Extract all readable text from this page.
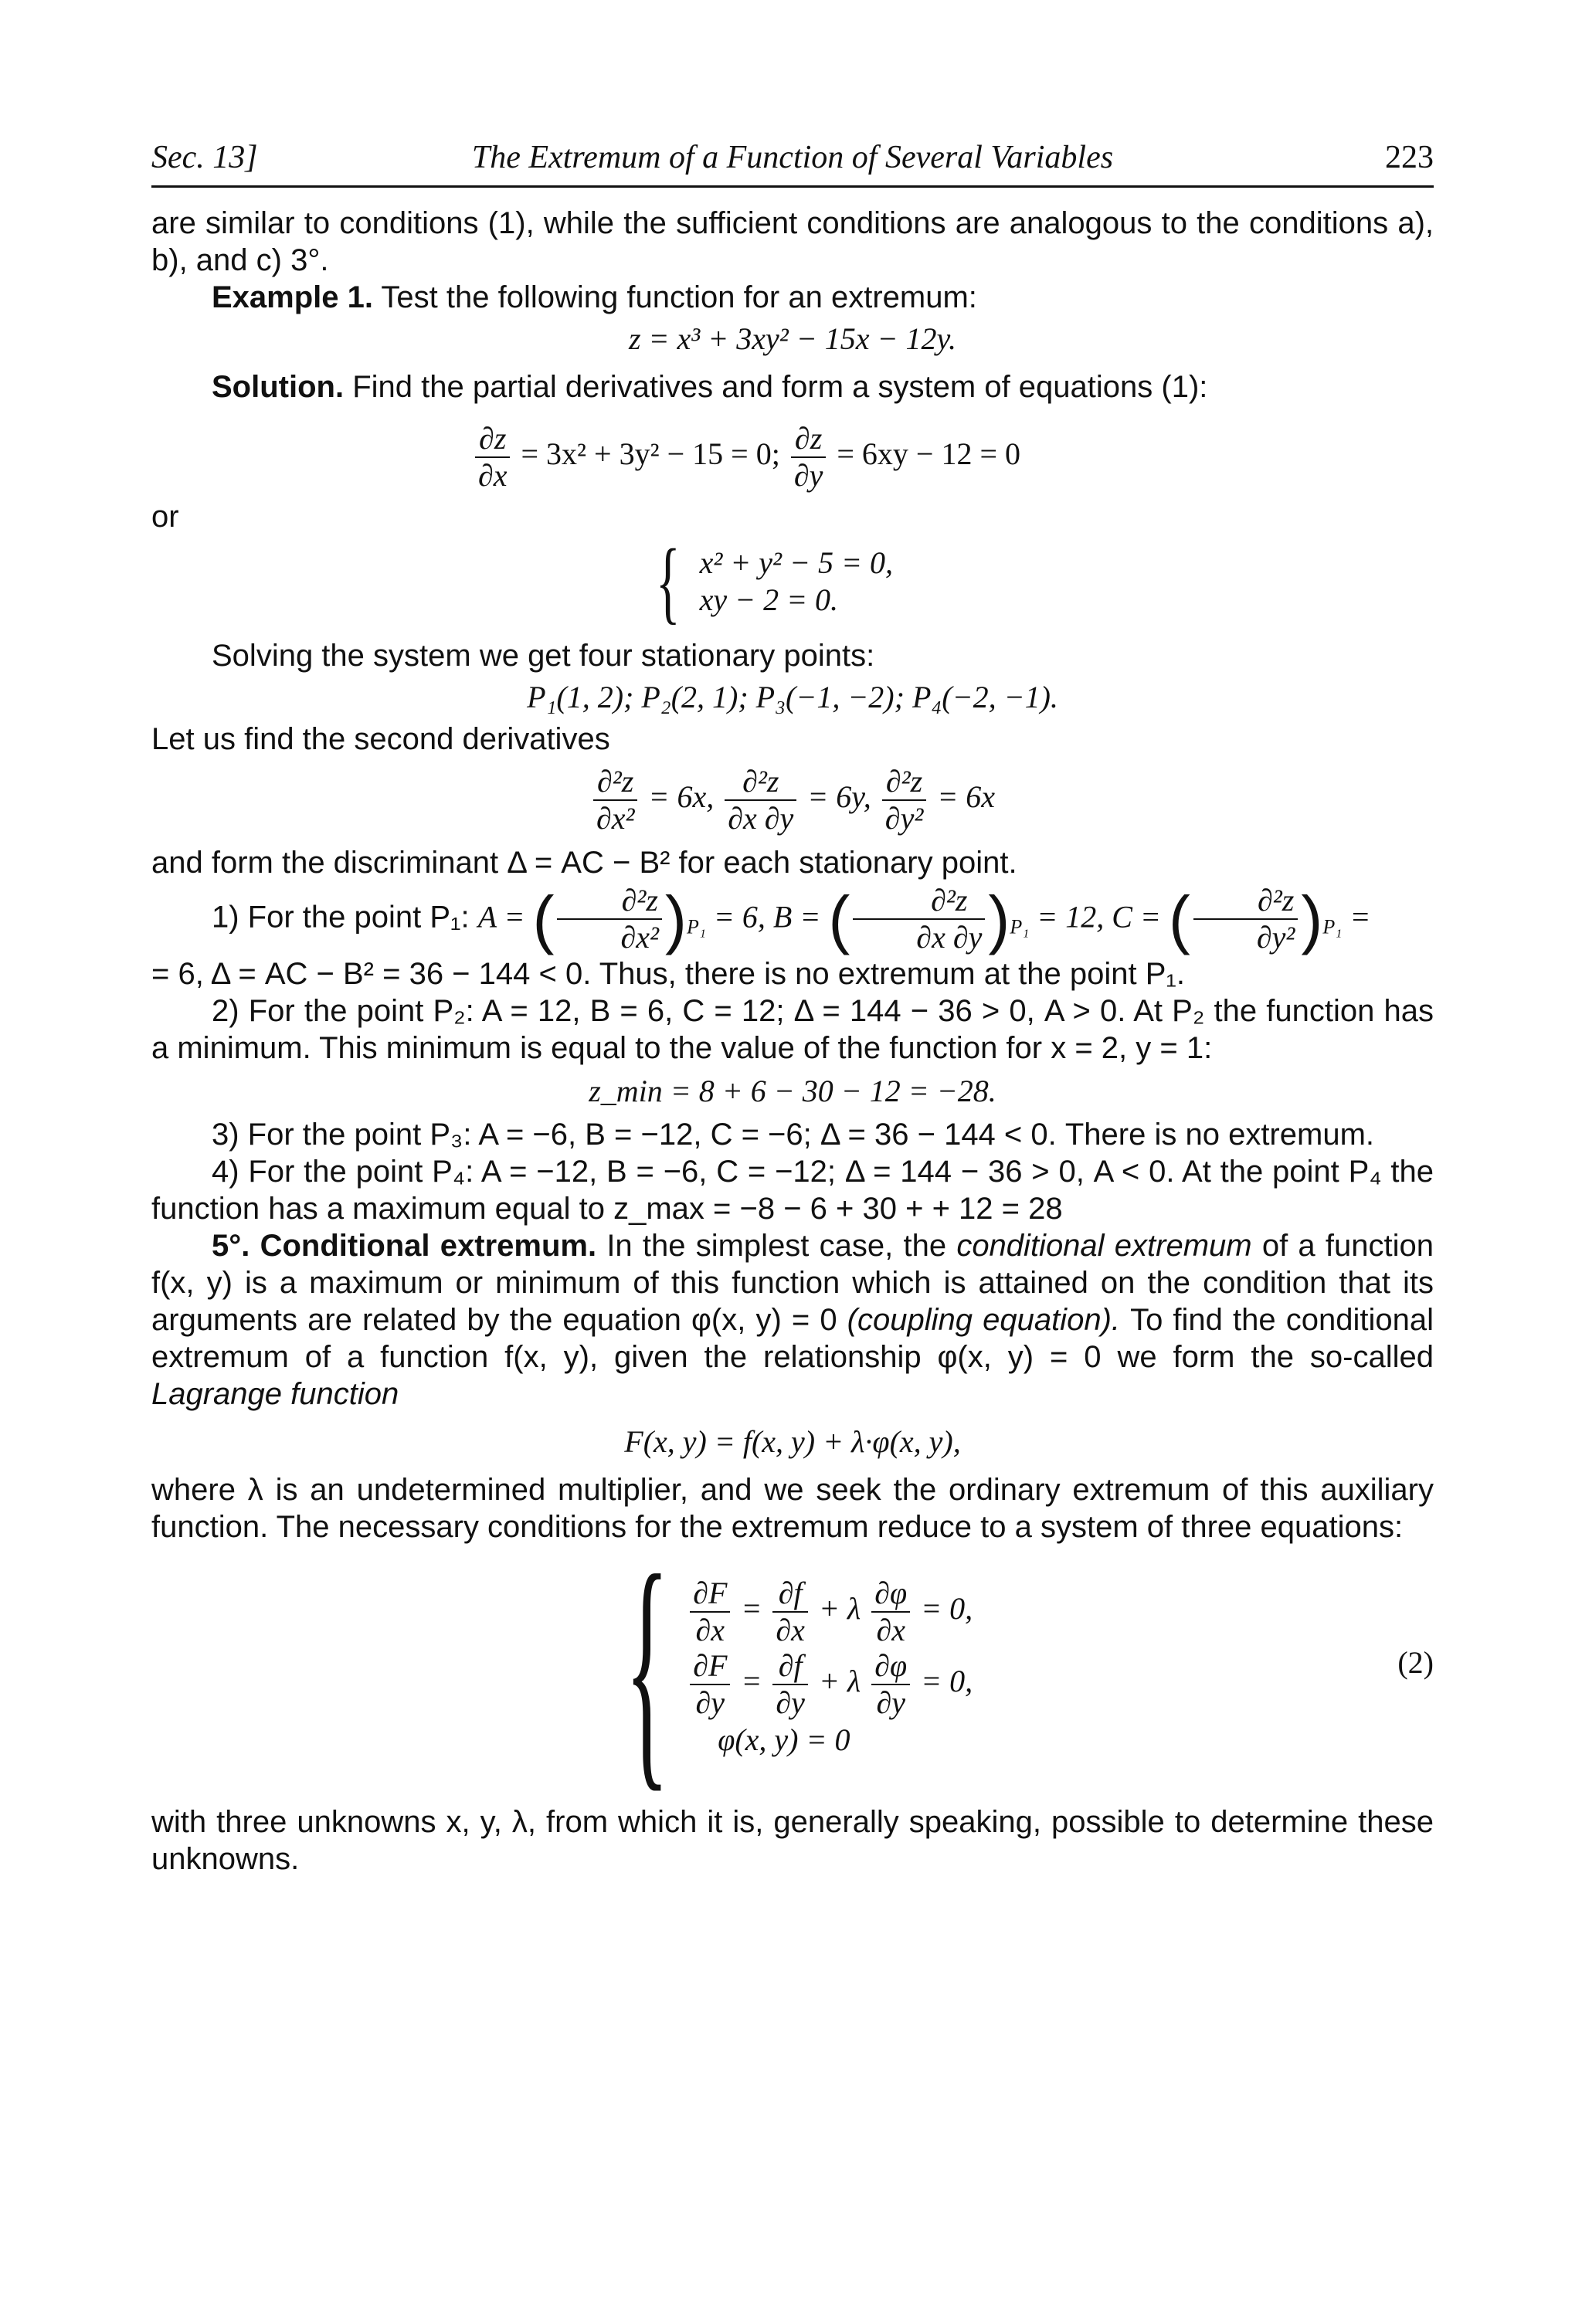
Sec. 13]	The Extremum of a Function of Several Variables	223

are similar to conditions (1), while the sufficient conditions are analogous to the conditions a), b), and c) 3°.

Example 1. Test the following function for an extremum:

z = x³ + 3xy² − 15x − 12y.

Solution. Find the partial derivatives and form a system of equations (1):

$\frac{\partial z}{\partial x} = 3x^2 + 3y^2 - 15 = 0$; $\frac{\partial z}{\partial y} = 6xy - 12 = 0$

or

{ x² + y² − 5 = 0,
xy − 2 = 0.

Solving the system we get four stationary points:

P₁(1, 2); P₂(2, 1); P₃(−1, −2); P₄(−2, −1).

Let us find the second derivatives

$\frac{\text{∂²z}}{\text{∂x²}} = 6x$, $\frac{\text{∂²z}}{\partial x \partial y} = 6y$, $\frac{\text{∂²z}}{\text{∂y²}} = 6x$

and form the discriminant Δ = AC − B² for each stationary point.

1) For the point P₁: A = ( $\frac{\text{∂²z}}{\text{∂x²}} )_{P_1} = 6$, B = ( $\frac{\text{∂²z}}{\partial x \partial y} )_{P_1} = 12$, C = ( $\frac{\text{∂²z}}{\text{∂y²}} )_{P_1}$ =

= 6, Δ = AC − B² = 36 − 144 < 0. Thus, there is no extremum at the point P₁.

2) For the point P₂: A = 12, B = 6, C = 12; Δ = 144 − 36 > 0, A > 0. At P₂ the function has a minimum. This minimum is equal to the value of the function for x = 2, y = 1:

z_min = 8 + 6 − 30 − 12 = −28.

3) For the point P₃: A = −6, B = −12, C = −6; Δ = 36 − 144 < 0. There is no extremum.

4) For the point P₄: A = −12, B = −6, C = −12; Δ = 144 − 36 > 0, A < 0. At the point P₄ the function has a maximum equal to z_max = −8 − 6 + 30 + + 12 = 28

5°. Conditional extremum. In the simplest case, the conditional extremum of a function f(x, y) is a maximum or minimum of this function which is attained on the condition that its arguments are related by the equation φ(x, y) = 0 (coupling equation). To find the conditional extremum of a function f(x, y), given the relationship φ(x, y) = 0 we form the so-called Lagrange function

F(x, y) = f(x, y) + λ·φ(x, y),

where λ is an undetermined multiplier, and we seek the ordinary extremum of this auxiliary function. The necessary conditions for the extremum reduce to a system of three equations:

{ $\frac{\partial F}{\partial x} = \frac{\partial f}{\partial x} + \lambda \frac{\partial\varphi}{\partial x} = 0$,
$\frac{\partial F}{\partial y} = \frac{\partial f}{\partial y} + \lambda \frac{\partial\varphi}{\partial y} = 0$,
φ(x, y) = 0
(2)

with three unknowns x, y, λ, from which it is, generally speaking, possible to determine these unknowns.
